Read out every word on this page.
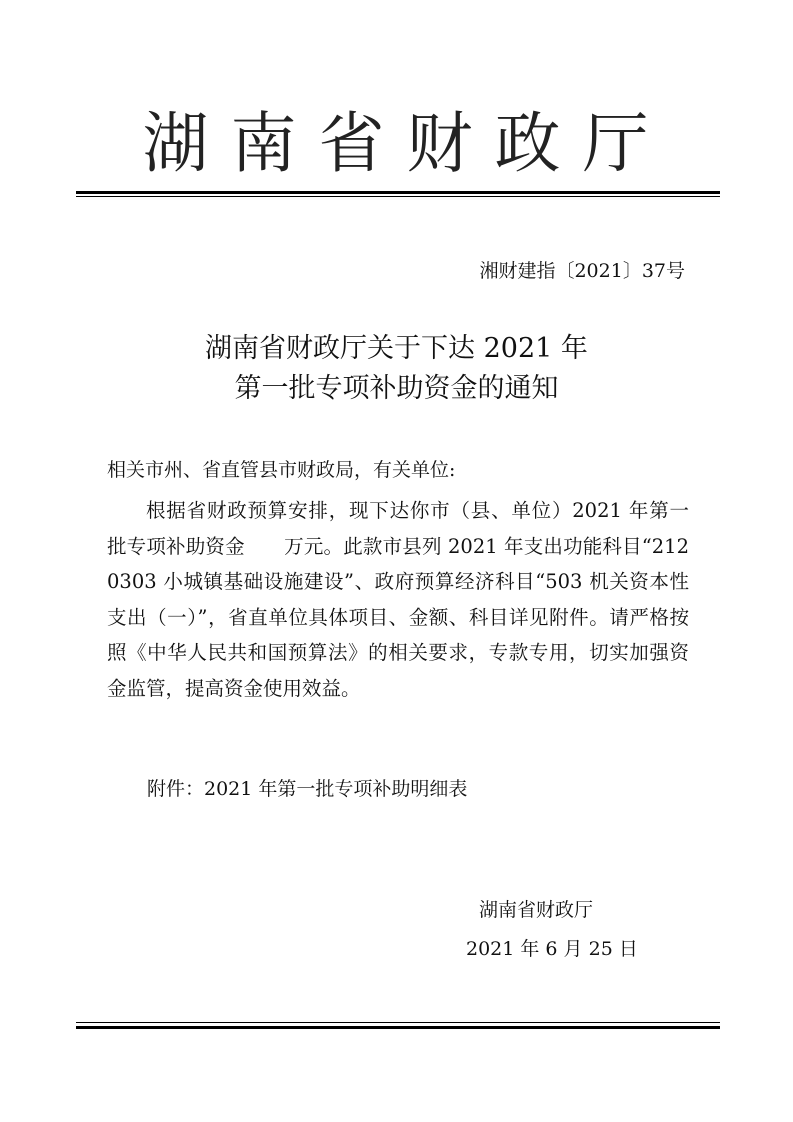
湖南省财政厅
湘财建指〔2021〕37号
湖南省财政厅关于下达 2021 年
第一批专项补助资金的通知
相关市州、省直管县市财政局，有关单位:
根据省财政预算安排，现下达你市（县、单位）2021 年第一批专项补助资金　　万元。此款市县列 2021 年支出功能科目“2120303 小城镇基础设施建设”、政府预算经济科目“503 机关资本性支出（一）”，省直单位具体项目、金额、科目详见附件。请严格按照《中华人民共和国预算法》的相关要求，专款专用，切实加强资金监管，提高资金使用效益。
附件：2021 年第一批专项补助明细表
湖南省财政厅
2021 年 6 月 25 日
